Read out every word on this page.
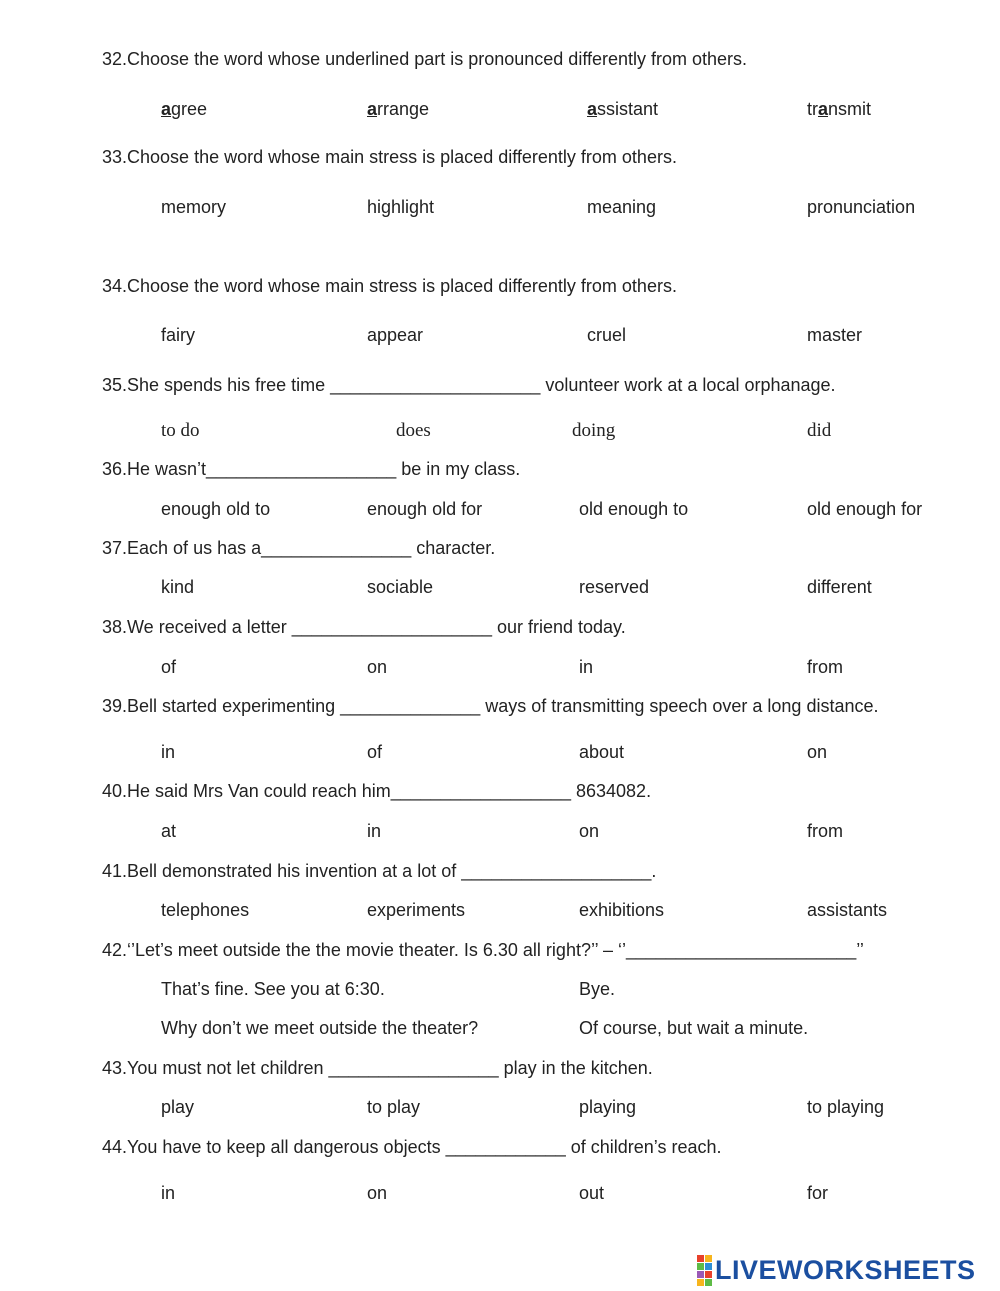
32.Choose the word whose underlined part is pronounced differently from others.
agree	arrange	assistant	transmit
33.Choose the word whose main stress is placed differently from others.
memory	highlight	meaning	pronunciation
34.Choose the word whose main stress is placed differently from others.
fairy	appear	cruel	master
35.She spends his free time _____________________ volunteer work at a local orphanage.
to do	does	doing	did
36.He wasn’t___________________ be in my class.
enough old to	enough old for	old enough to	old enough for
37.Each of us has a_______________ character.
kind	sociable	reserved	different
38.We received a letter ____________________ our friend today.
of	on	in	from
39.Bell started experimenting ______________ ways of transmitting speech over a long distance.
in	of	about	on
40.He said Mrs Van could reach him__________________ 8634082.
at	in	on	from
41.Bell demonstrated his invention at a lot of ___________________.
telephones	experiments	exhibitions	assistants
42.‘’Let’s meet outside the the movie theater. Is 6.30 all right?’’ – ‘’_______________________’’
That’s fine. See you at 6:30.	Bye.
Why don’t we meet outside the theater?	Of course, but wait a minute.
43.You must not let children _________________ play in the kitchen.
play	to play	playing	to playing
44.You have to keep all dangerous objects ____________ of children’s reach.
in	on	out	for
LIVEWORKSHEETS
